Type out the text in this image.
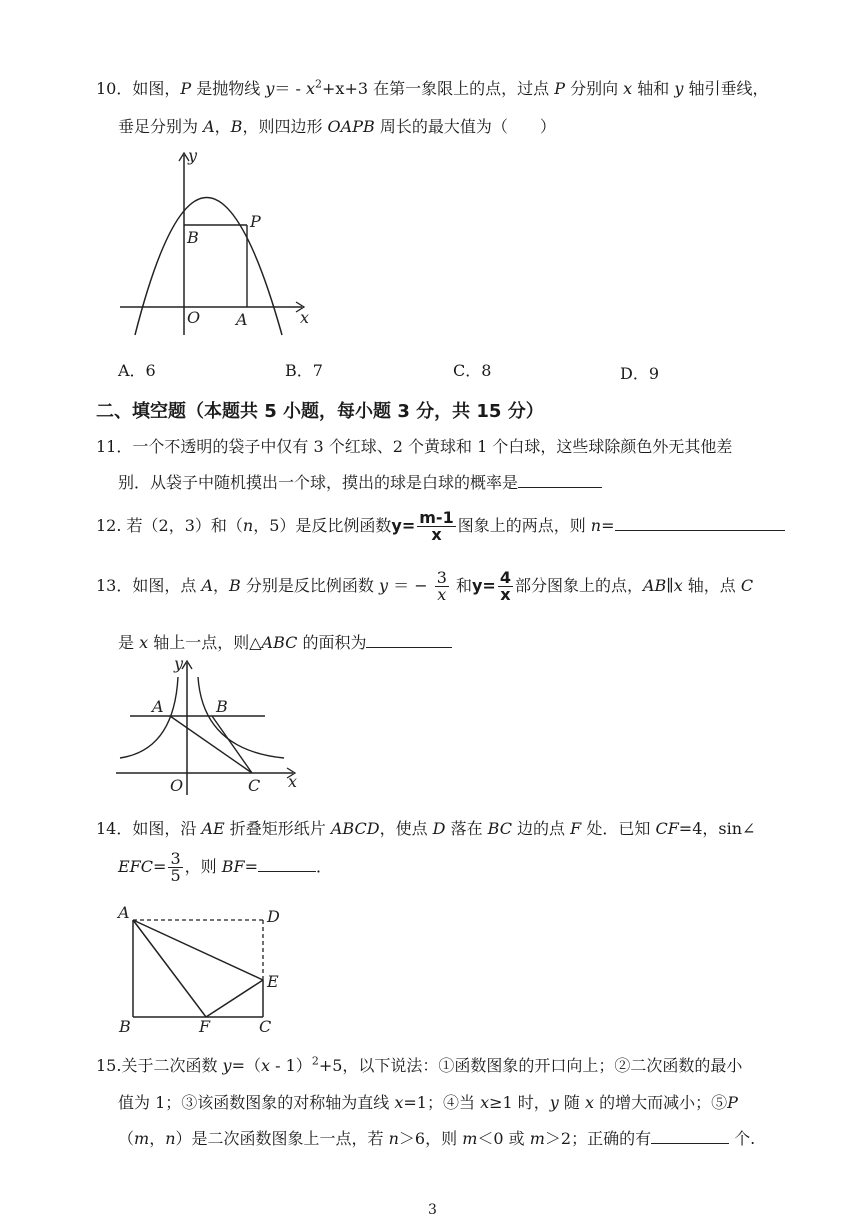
10．如图，P 是抛物线 $y= - x^2+x+3$ 在第一象限上的点，过点 P 分别向 x 轴和 y 轴引垂线，
垂足分别为 A，B，则四边形 OAPB 周长的最大值为（　　）
y
x
B
P
O A
A．6	B．7	C．8	D．9
二、填空题（本题共 5 小题，每小题 3 分，共 15 分）
11．一个不透明的袋子中仅有 3 个红球、2 个黄球和 1 个白球，这些球除颜色外无其他差
别．从袋子中随机摸出一个球，摸出的球是白球的概率是
12. 若（2，3）和（n，5）是反比例函数$y= \frac{m-1}{x}$ 图象上的两点，则 n=
13．如图，点 A，B 分别是反比例函数 y ＝ − $\frac{3}{x}$ 和$y= \frac{4}{x}$ 部分图象上的点，AB∥x 轴，点 C
是 x 轴上一点，则△ABC 的面积为
y
x
A	B
O	C
14．如图，沿 AE 折叠矩形纸片 ABCD，使点 D 落在 BC 边的点 F 处．已知 CF=4，sin∠
$EFC= \frac{3}{5}$ ，则 BF=	．
A	D
E
B	F	C
15.关于二次函数 y=（x - 1）$^2$+5，以下说法：①函数图象的开口向上；②二次函数的最小
值为 1；③该函数图象的对称轴为直线 x=1；④当 x≥1 时，y 随 x 的增大而减小；⑤P
（m，n）是二次函数图象上一点，若 n＞6，则 m＜0 或 m＞2；正确的有	个.
3
